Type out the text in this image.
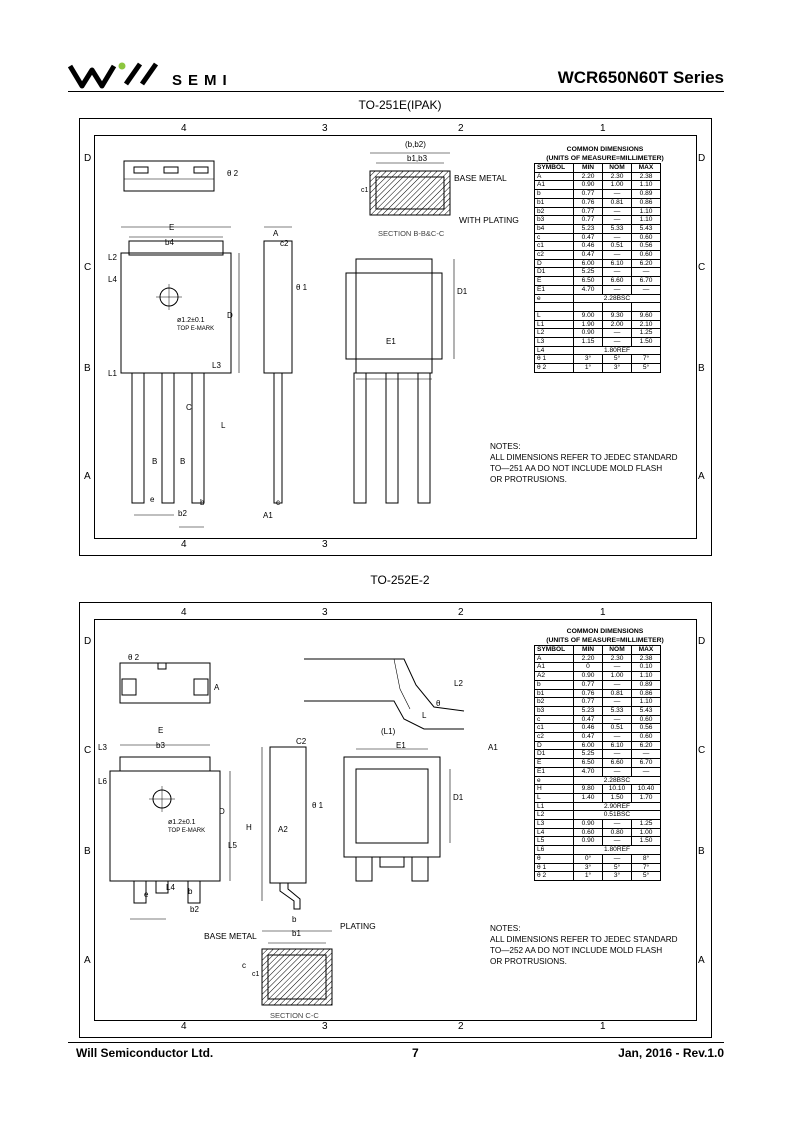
SEMI	WCR650N60T Series
TO-251E(IPAK)
4	3	2	1
4	3
D
C
B
A
D
C
B
A
E
b4
A
c2
L2
L4
D
ø1.2±0.1
TOP E-MARK
L1
L3
C
L
B	B
e	b
b2
c
A1
θ 1
θ 2
(b,b2)
b1,b3
c1
BASE METAL
WITH PLATING
SECTION B-B&C-C
D1
E1
COMMON DIMENSIONS
(UNITS OF MEASURE=MILLIMETER)
SYMBOL	MIN	NOM	MAX
A	2.20	2.30	2.38
A1	0.90	1.00	1.10
b	0.77	—	0.89
b1	0.76	0.81	0.86
b2	0.77	—	1.10
b3	0.77	—	1.10
b4	5.23	5.33	5.43
c	0.47	—	0.60
c1	0.46	0.51	0.56
c2	0.47	—	0.60
D	6.00	6.10	6.20
D1	5.25	—	—
E	6.50	6.60	6.70
E1	4.70	—	—
e	2.28BSC		

L	9.00	9.30	9.60
L1	1.90	2.00	2.10
L2	0.90	—	1.25
L3	1.15	—	1.50
L4	1.80REF		
θ 1	3°	5°	7°
θ 2	1°	3°	5°
NOTES:
ALL DIMENSIONS REFER TO JEDEC STANDARD
TO—251 AA DO NOT INCLUDE MOLD FLASH
OR PROTRUSIONS.
TO-252E-2
4	3	2	1
4	3	2	1
D
C
B
A
D
C
B
A
E
b3
L3
L6
D
ø1.2±0.1
TOP E-MARK
L5
H
L4
e	b
b2
C2
A2
E1
D1
A
(L1)
L
L2
A1
θ
θ 1
θ 2
b
b1
c
c1
BASE METAL
PLATING
SECTION C-C
COMMON DIMENSIONS
(UNITS OF MEASURE=MILLIMETER)
SYMBOL	MIN	NOM	MAX
A	2.20	2.30	2.38
A1	0	—	0.10
A2	0.90	1.00	1.10
b	0.77	—	0.89
b1	0.76	0.81	0.86
b2	0.77	—	1.10
b3	5.23	5.33	5.43
c	0.47	—	0.60
c1	0.46	0.51	0.56
c2	0.47	—	0.60
D	6.00	6.10	6.20
D1	5.25	—	—
E	6.50	6.60	6.70
E1	4.70	—	—
e	2.28BSC		
H	9.80	10.10	10.40
L	1.40	1.50	1.70
L1	2.90REF		
L2	0.51BSC		
L3	0.90	—	1.25
L4	0.60	0.80	1.00
L5	0.90	—	1.50
L6	1.80REF		
θ	0°	—	8°
θ 1	3°	5°	7°
θ 2	1°	3°	5°
NOTES:
ALL DIMENSIONS REFER TO JEDEC STANDARD
TO—252 AA DO NOT INCLUDE MOLD FLASH
OR PROTRUSIONS.
Will Semiconductor Ltd.	7	Jan, 2016 - Rev.1.0
